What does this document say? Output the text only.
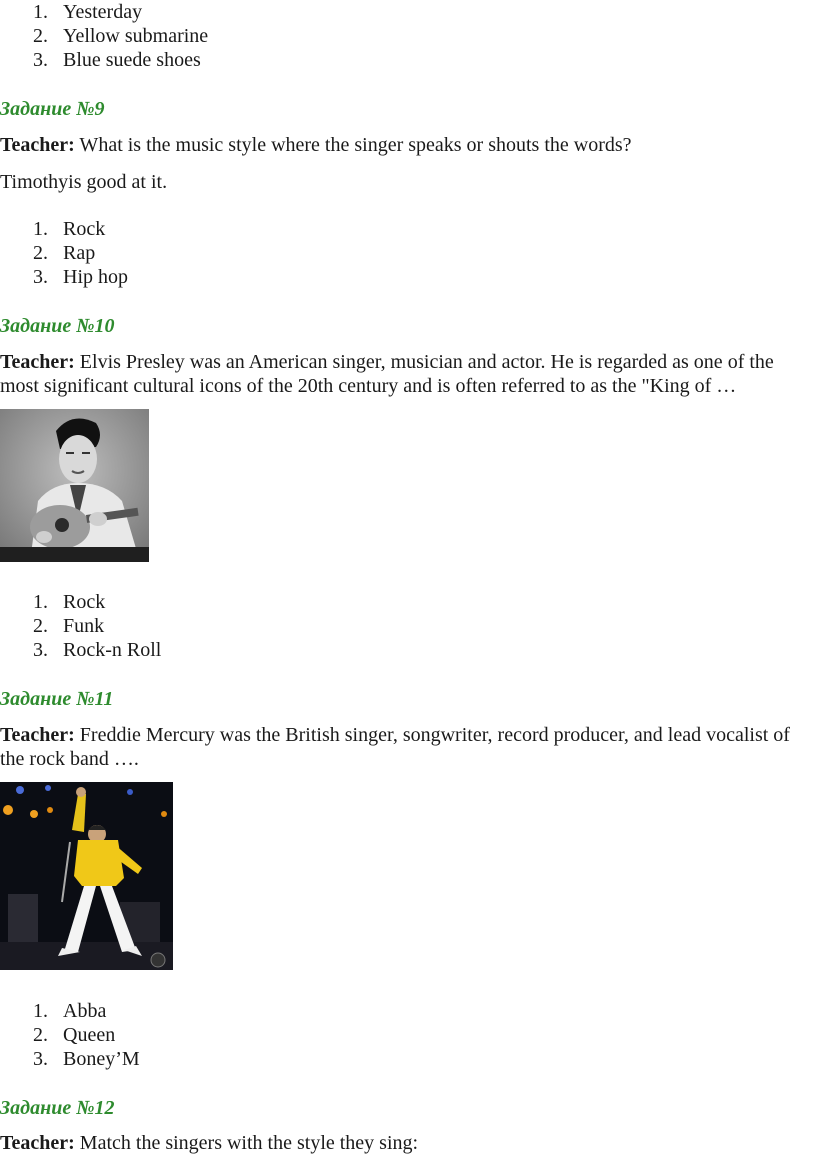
1. Yesterday
2. Yellow submarine
3. Blue suede shoes
Задание №9

Teacher: What is the music style where the singer speaks or shouts the words?

Timothyis good at it.

1. Rock
2. Rap
3. Hip hop
Задание №10

Teacher: Elvis Presley was an American singer, musician and actor. He is regarded as one of the most significant cultural icons of the 20th century and is often referred to as the "King of …

1. Rock
2. Funk
3. Rock-n Roll
Задание №11

Teacher: Freddie Mercury was the British singer, songwriter, record producer, and lead vocalist of the rock band ….

1. Abba
2. Queen
3. Boney’M
Задание №12

Teacher: Match the singers with the style they sing:
